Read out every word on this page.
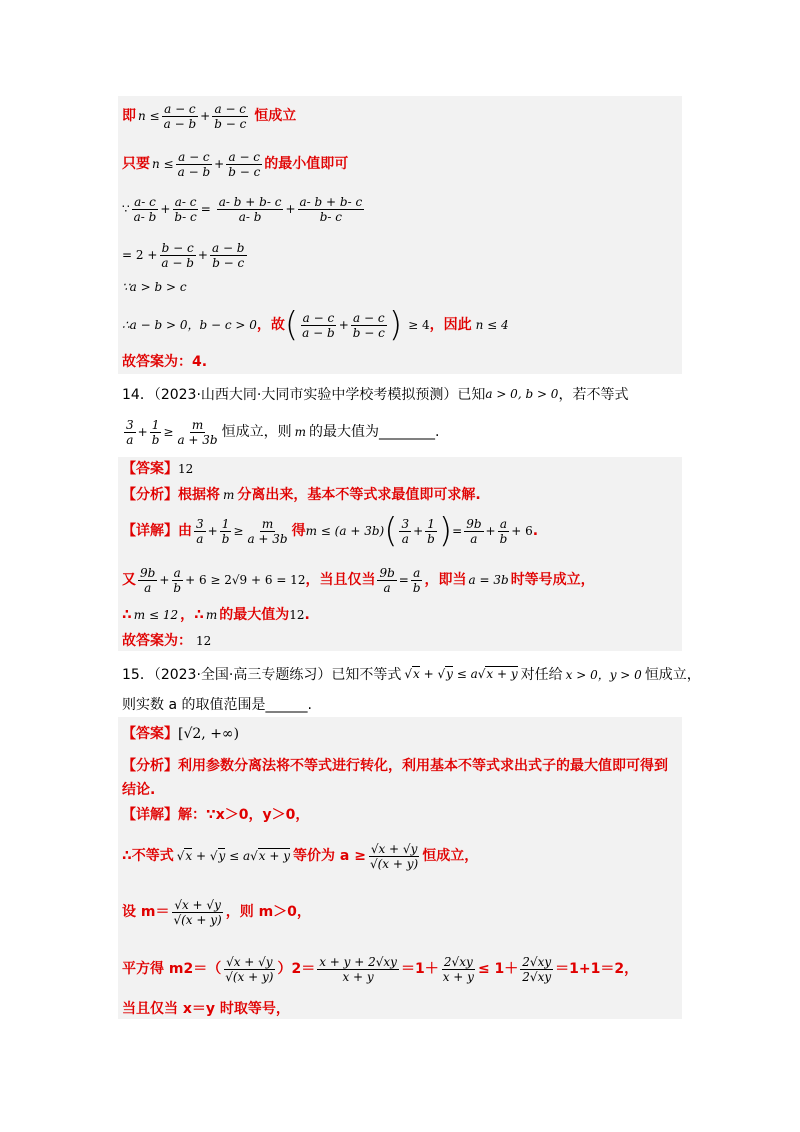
即 $n \le \frac{a - c}{a - b} + \frac{a - c}{b - c}$ 恒成立
只要 $n \le \frac{a - c}{a - b} + \frac{a - c}{b - c}$ 的最小值即可
∵ $\frac{a- c}{a- b} + \frac{a- c}{b- c} = \frac{a- b + b- c}{a- b} + \frac{a- b + b- c}{b- c}$
= $2 + \frac{b - c}{a - b} + \frac{a - b}{b - c}$
∵a > b > c
∴a − b > 0，b − c > 0 ，故 ( $\frac{a - c}{a - b} + \frac{a - c}{b - c}$ ) ≥ 4 ，因此 n ≤ 4
故答案为：4.
14．（2023·山西大同·大同市实验中学校考模拟预测）已知 a > 0, b > 0 ，若不等式
$\frac{3}{a} + \frac{1}{b} \ge \frac{m}{a + 3b}$ 恒成立，则 m 的最大值为________.
【答案】 12
【分析】 根据将 m 分离出来，基本不等式求最值即可求解.
【详解】 由 $\frac{3}{a} + \frac{1}{b} \ge \frac{m}{a + 3b}$ 得 m ≤ (a + 3b) ( $\frac{3}{a} + \frac{1}{b}$ ) = $\frac{9b}{a} + \frac{a}{b} + 6$ .
又 $\frac{9b}{a} + \frac{a}{b} + 6 \ge 2√9 + 6 = 12$ ，当且仅当 $\frac{9b}{a} = \frac{a}{b}$ ，即当 a = 3b 时等号成立，
∴ m ≤ 12 ，∴ m 的最大值为 12 .
故答案为： 12
15．（2023·全国·高三专题练习）已知不等式 √x + √y ≤ a√x + y 对任给 x > 0，y > 0 恒成立，
则实数 a 的取值范围是______.
【答案】 [√2, +∞)
【分析】 利用参数分离法将不等式进行转化，利用基本不等式求出式子的最大值即可得到
结论.
【详解】 解：∵x＞0，y＞0，
∴不等式 √x + √y ≤ a√x + y 等价为 $a \ge \frac{√x + √y}{√(x + y)}$ 恒成立，
设 $m= \frac{√x + √y}{√(x + y)}$ ，则 m＞0，
平方得 $m2=( \frac{√x + √y}{√(x + y)} )2= \frac{x + y + 2√xy}{x + y} =1+ \frac{2√xy}{x + y} \le 1+ \frac{2√xy}{2√xy} =1+1=2$，
当且仅当 x＝y 时取等号，
